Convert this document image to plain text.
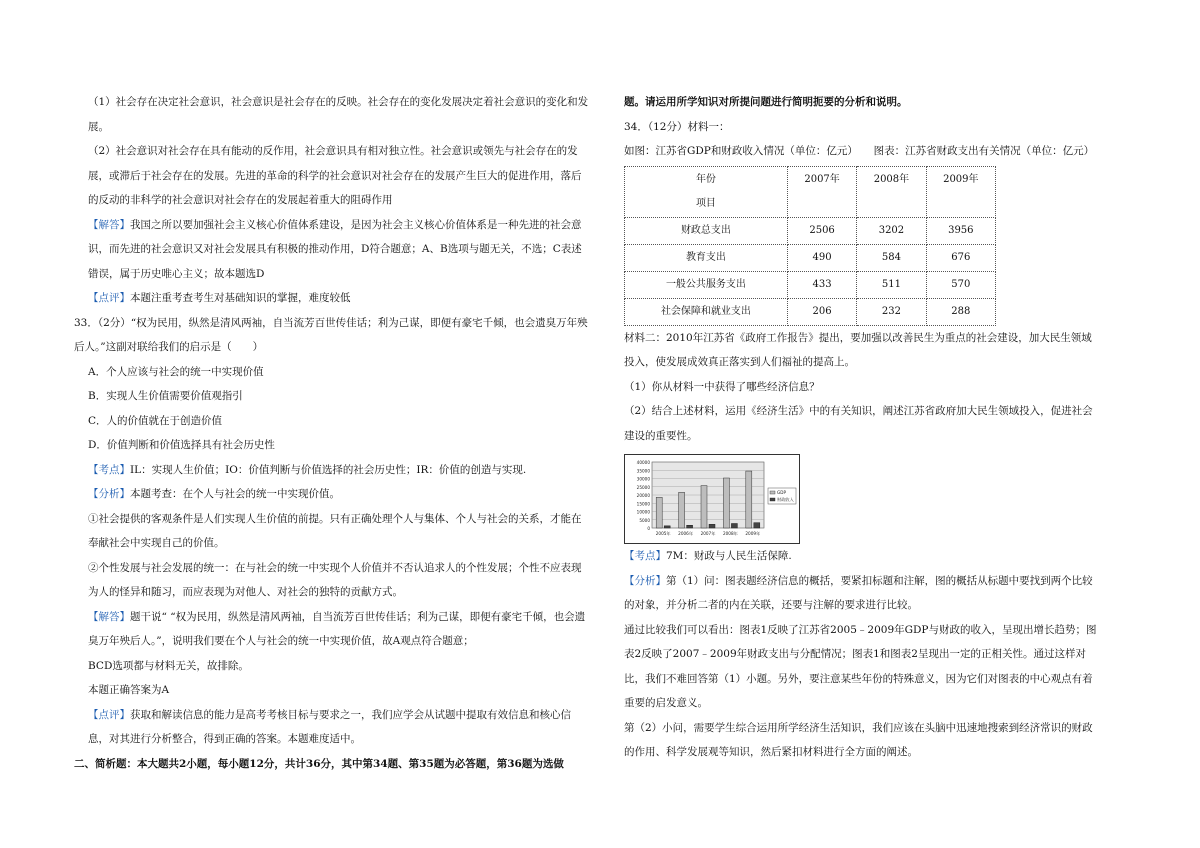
（1）社会存在决定社会意识，社会意识是社会存在的反映。社会存在的变化发展决定着社会意识的变化和发展。

（2）社会意识对社会存在具有能动的反作用，社会意识具有相对独立性。社会意识或领先与社会存在的发展，或滞后于社会存在的发展。先进的革命的科学的社会意识对社会存在的发展产生巨大的促进作用，落后的反动的非科学的社会意识对社会存在的发展起着重大的阻碍作用

【解答】我国之所以要加强社会主义核心价值体系建设，是因为社会主义核心价值体系是一种先进的社会意识，而先进的社会意识又对社会发展具有积极的推动作用，D符合题意；A、B选项与题无关，不选；C表述错误，属于历史唯心主义；故本题选D

【点评】本题注重考查考生对基础知识的掌握，难度较低

33．（2分）“权为民用，纵然是清风两袖，自当流芳百世传佳话；利为己谋，即便有豪宅千倾，也会遗臭万年殃后人。”这副对联给我们的启示是（　　）

A．个人应该与社会的统一中实现价值

B．实现人生价值需要价值观指引

C．人的价值就在于创造价值

D．价值判断和价值选择具有社会历史性

【考点】IL：实现人生价值；IO：价值判断与价值选择的社会历史性；IR：价值的创造与实现.

【分析】本题考查：在个人与社会的统一中实现价值。

①社会提供的客观条件是人们实现人生价值的前提。只有正确处理个人与集体、个人与社会的关系，才能在奉献社会中实现自己的价值。

②个性发展与社会发展的统一：在与社会的统一中实现个人价值并不否认追求人的个性发展；个性不应表现为人的怪异和随习，而应表现为对他人、对社会的独特的贡献方式。

【解答】题干说“ “权为民用，纵然是清风两袖，自当流芳百世传佳话；利为己谋，即便有豪宅千倾，也会遗臭万年殃后人。”，说明我们要在个人与社会的统一中实现价值，故A观点符合题意；

BCD选项都与材料无关，故排除。

本题正确答案为A

【点评】获取和解读信息的能力是高考考核目标与要求之一，我们应学会从试题中提取有效信息和核心信息，对其进行分析整合，得到正确的答案。本题难度适中。

二、简析题：本大题共2小题，每小题12分，共计36分，其中第34题、第35题为必答题，第36题为选做

题。请运用所学知识对所提问题进行简明扼要的分析和说明。

34．（12分）材料一：

如图：江苏省GDP和财政收入情况（单位：亿元）　　图表：江苏省财政支出有关情况（单位：亿元）

年份
项目	2007年	2008年	2009年
财政总支出	2506	3202	3956
教育支出	490	584	676
一般公共服务支出	433	511	570
社会保障和就业支出	206	232	288

材料二：2010年江苏省《政府工作报告》提出，要加强以改善民生为重点的社会建设，加大民生领域投入，使发展成效真正落实到人们福祉的提高上。

（1）你从材料一中获得了哪些经济信息？

（2）结合上述材料，运用《经济生活》中的有关知识，阐述江苏省政府加大民生领域投入，促进社会建设的重要性。

40000
35000
30000
25000
20000
15000
10000
5000
0
2005年 2006年 2007年 2008年 2009年
GDP
财政收入

【考点】7M：财政与人民生活保障.

【分析】第（1）问：图表题经济信息的概括，要紧扣标题和注解，图的概括从标题中要找到两个比较的对象，并分析二者的内在关联，还要与注解的要求进行比较。

通过比较我们可以看出：图表1反映了江苏省2005﹣2009年GDP与财政的收入，呈现出增长趋势；图表2反映了2007﹣2009年财政支出与分配情况；图表1和图表2呈现出一定的正相关性。通过这样对比，我们不难回答第（1）小题。另外，要注意某些年份的特殊意义，因为它们对图表的中心观点有着重要的启发意义。

第（2）小问，需要学生综合运用所学经济生活知识，我们应该在头脑中迅速地搜索到经济常识的财政的作用、科学发展观等知识，然后紧扣材料进行全方面的阐述。
